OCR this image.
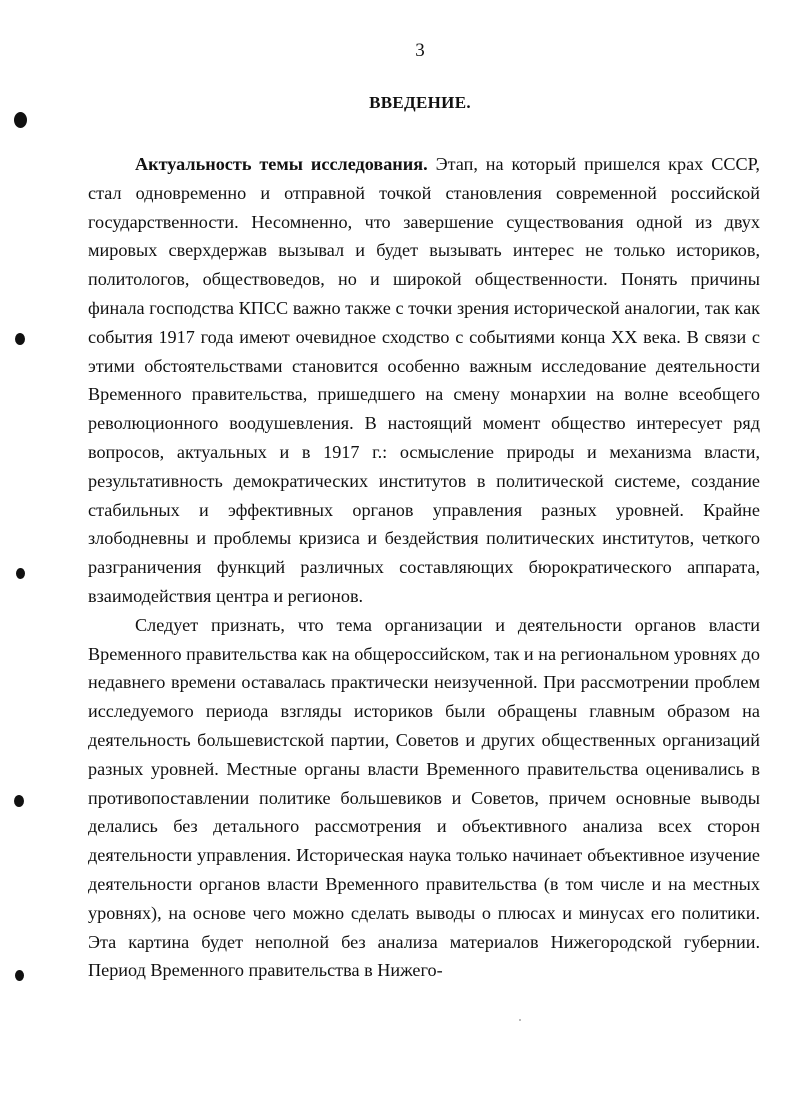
3
ВВЕДЕНИЕ.

Актуальность темы исследования. Этап, на который пришелся крах СССР, стал одновременно и отправной точкой становления современной российской государственности. Несомненно, что завершение существования одной из двух мировых сверхдержав вызывал и будет вызывать интерес не только историков, политологов, обществоведов, но и широкой общественности. Понять причины финала господства КПСС важно также с точки зрения исторической аналогии, так как события 1917 года имеют очевидное сходство с событиями конца XX века. В связи с этими обстоятельствами становится особенно важным исследование деятельности Временного правительства, пришедшего на смену монархии на волне всеобщего революционного воодушевления. В настоящий момент общество интересует ряд вопросов, актуальных и в 1917 г.: осмысление природы и механизма власти, результативность демократических институтов в политической системе, создание стабильных и эффективных органов управления разных уровней. Крайне злободневны и проблемы кризиса и бездействия политических институтов, четкого разграничения функций различных составляющих бюрократического аппарата, взаимодействия центра и регионов.

Следует признать, что тема организации и деятельности органов власти Временного правительства как на общероссийском, так и на региональном уровнях до недавнего времени оставалась практически неизученной. При рассмотрении проблем исследуемого периода взгляды историков были обращены главным образом на деятельность большевистской партии, Советов и других общественных организаций разных уровней. Местные органы власти Временного правительства оценивались в противопоставлении политике большевиков и Советов, причем основные выводы делались без детального рассмотрения и объективного анализа всех сторон деятельности управления. Историческая наука только начинает объективное изучение деятельности органов власти Временного правительства (в том числе и на местных уровнях), на основе чего можно сделать выводы о плюсах и минусах его политики. Эта картина будет неполной без анализа материалов Нижегородской губернии. Период Временного правительства в Нижего-
